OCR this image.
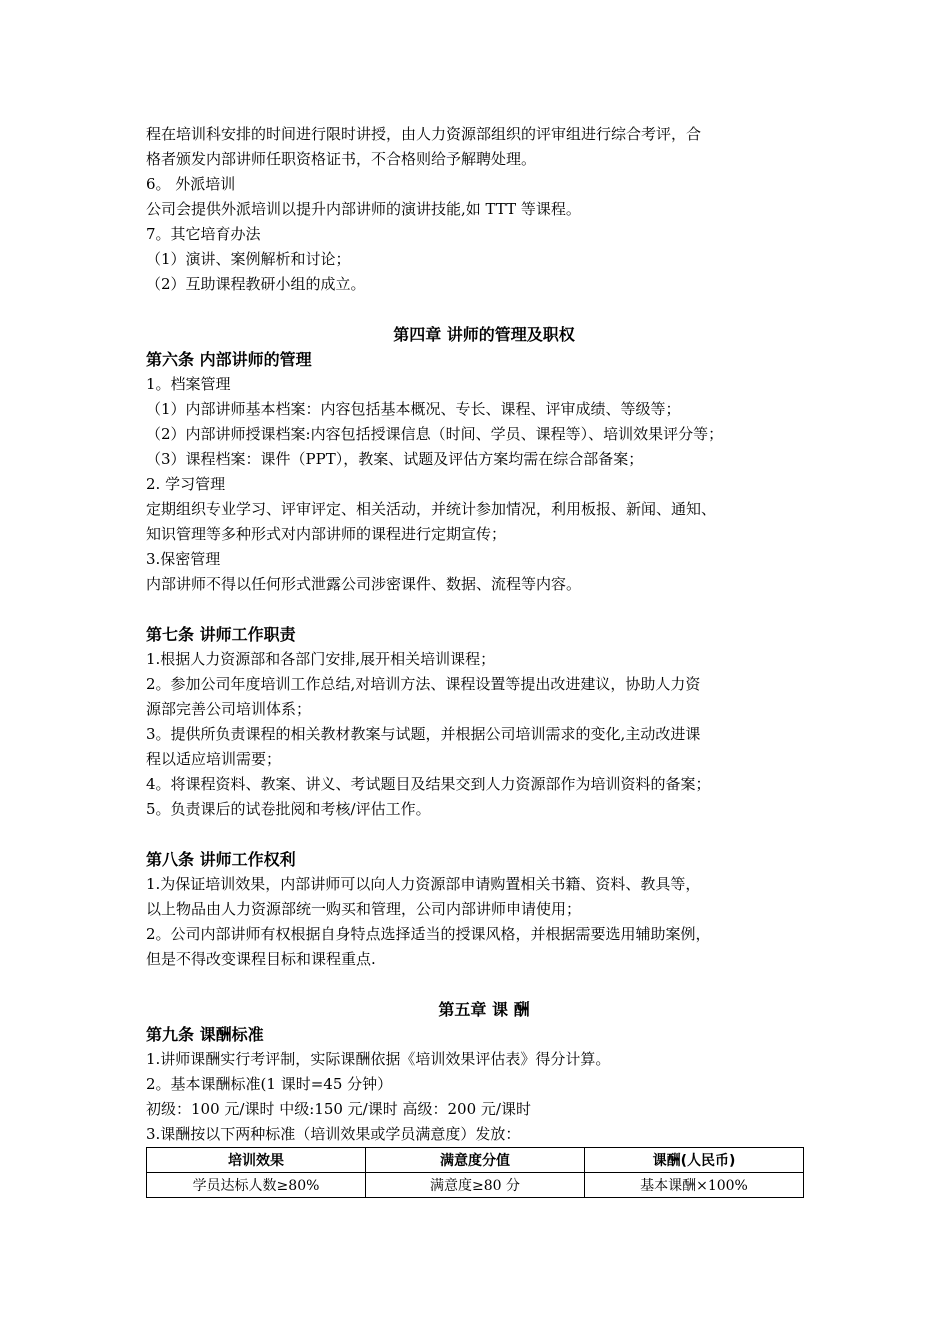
程在培训科安排的时间进行限时讲授，由人力资源部组织的评审组进行综合考评，合
格者颁发内部讲师任职资格证书，不合格则给予解聘处理。
6。 外派培训
公司会提供外派培训以提升内部讲师的演讲技能,如 TTT 等课程。
7。其它培育办法
（1）演讲、案例解析和讨论；
（2）互助课程教研小组的成立。
第四章 讲师的管理及职权
第六条 内部讲师的管理
1。档案管理
（1）内部讲师基本档案：内容包括基本概况、专长、课程、评审成绩、等级等；
（2）内部讲师授课档案:内容包括授课信息（时间、学员、课程等）、培训效果评分等；
（3）课程档案：课件（PPT），教案、试题及评估方案均需在综合部备案；
2. 学习管理
定期组织专业学习、评审评定、相关活动，并统计参加情况，利用板报、新闻、通知、
知识管理等多种形式对内部讲师的课程进行定期宣传；
3.保密管理
内部讲师不得以任何形式泄露公司涉密课件、数据、流程等内容。
第七条 讲师工作职责
1.根据人力资源部和各部门安排,展开相关培训课程；
2。参加公司年度培训工作总结,对培训方法、课程设置等提出改进建议，协助人力资
源部完善公司培训体系；
3。提供所负责课程的相关教材教案与试题，并根据公司培训需求的变化,主动改进课
程以适应培训需要；
4。将课程资料、教案、讲义、考试题目及结果交到人力资源部作为培训资料的备案；
5。负责课后的试卷批阅和考核/评估工作。
第八条 讲师工作权利
1.为保证培训效果，内部讲师可以向人力资源部申请购置相关书籍、资料、教具等，
以上物品由人力资源部统一购买和管理，公司内部讲师申请使用；
2。公司内部讲师有权根据自身特点选择适当的授课风格，并根据需要选用辅助案例，
但是不得改变课程目标和课程重点.
第五章 课 酬
第九条 课酬标准
1.讲师课酬实行考评制，实际课酬依据《培训效果评估表》得分计算。
2。基本课酬标准(1 课时=45 分钟）
初级：100 元/课时 中级:150 元/课时 高级：200 元/课时
3.课酬按以下两种标准（培训效果或学员满意度）发放：
培训效果	满意度分值	课酬(人民币)
学员达标人数≥80%	满意度≥80 分	基本课酬×100%
